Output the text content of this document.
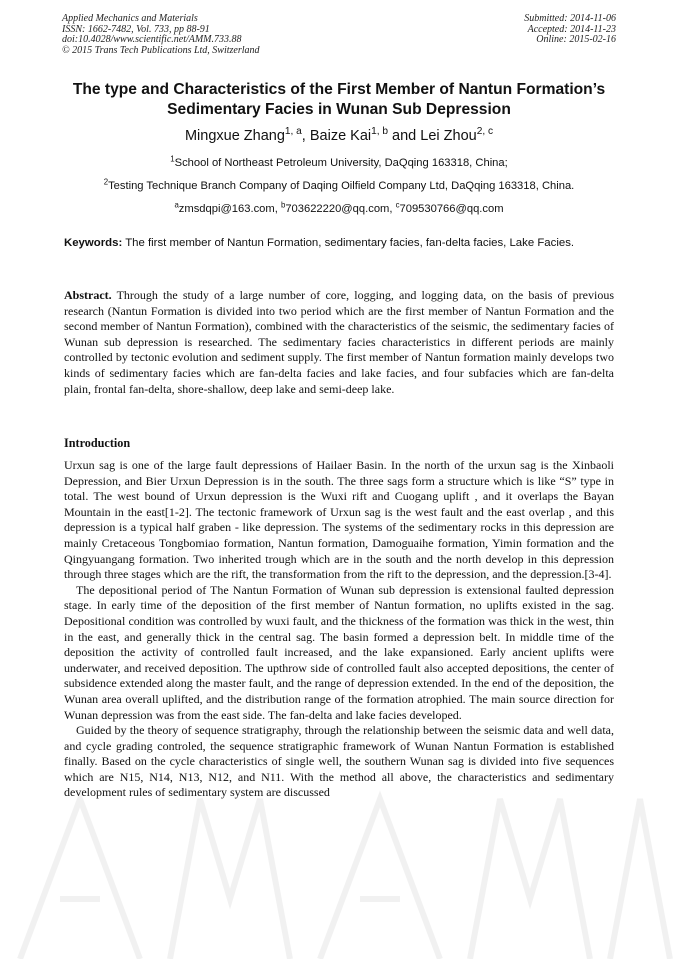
Applied Mechanics and Materials
ISSN: 1662-7482, Vol. 733, pp 88-91
doi:10.4028/www.scientific.net/AMM.733.88
© 2015 Trans Tech Publications Ltd, Switzerland
Submitted: 2014-11-06
Accepted: 2014-11-23
Online: 2015-02-16
The type and Characteristics of the First Member of Nantun Formation’s
Sedimentary Facies in Wunan Sub Depression
Mingxue Zhang$^{1, a}$, Baize Kai$^{1, b}$ and Lei Zhou$^{2, c}$
$^1$School of Northeast Petroleum University, DaQqing 163318, China;
$^2$Testing Technique Branch Company of Daqing Oilfield Company Ltd, DaQqing 163318, China.
$^a$zmsdqpi@163.com, $^b$703622220@qq.com, $^c$709530766@qq.com
Keywords: The first member of Nantun Formation, sedimentary facies, fan-delta facies, Lake Facies.
Abstract. Through the study of a large number of core, logging, and logging data, on the basis of previous research (Nantun Formation is divided into two period which are the first member of Nantun Formation and the second member of Nantun Formation), combined with the characteristics of the seismic, the sedimentary facies of Wunan sub depression is researched. The sedimentary facies characteristics in different periods are mainly controlled by tectonic evolution and sediment supply. The first member of Nantun formation mainly develops two kinds of sedimentary facies which are fan-delta facies and lake facies, and four subfacies which are fan-delta plain, frontal fan-delta, shore-shallow, deep lake and semi-deep lake.
Introduction

Urxun sag is one of the large fault depressions of Hailaer Basin. In the north of the urxun sag is the Xinbaoli Depression, and Bier Urxun Depression is in the south. The three sags form a structure which is like “S” type in total. The west bound of Urxun depression is the Wuxi rift and Cuogang uplift , and it overlaps the Bayan Mountain in the east[1-2]. The tectonic framework of Urxun sag is the west fault and the east overlap , and this depression is a typical half graben - like depression. The systems of the sedimentary rocks in this depression are mainly Cretaceous Tongbomiao formation, Nantun formation, Damoguaihe formation, Yimin formation and the Qingyuangang formation. Two inherited trough which are in the south and the north develop in this depression through three stages which are the rift, the transformation from the rift to the depression, and the depression.[3-4].

The depositional period of The Nantun Formation of Wunan sub depression is extensional faulted depression stage. In early time of the deposition of the first member of Nantun formation, no uplifts existed in the sag. Depositional condition was controlled by wuxi fault, and the thickness of the formation was thick in the west, thin in the east, and generally thick in the central sag. The basin formed a depression belt. In middle time of the deposition the activity of controlled fault increased, and the lake expansioned. Early ancient uplifts were underwater, and received deposition. The upthrow side of controlled fault also accepted depositions, the center of subsidence extended along the master fault, and the range of depression extended. In the end of the deposition, the Wunan area overall uplifted, and the distribution range of the formation atrophied. The main source direction for Wunan depression was from the east side. The fan-delta and lake facies developed.

Guided by the theory of sequence stratigraphy, through the relationship between the seismic data and well data, and cycle grading controled, the sequence stratigraphic framework of Wunan Nantun Formation is established finally. Based on the cycle characteristics of single well, the southern Wunan sag is divided into five sequences which are N15, N14, N13, N12, and N11. With the method all above, the characteristics and sedimentary development rules of sedimentary system are discussed
